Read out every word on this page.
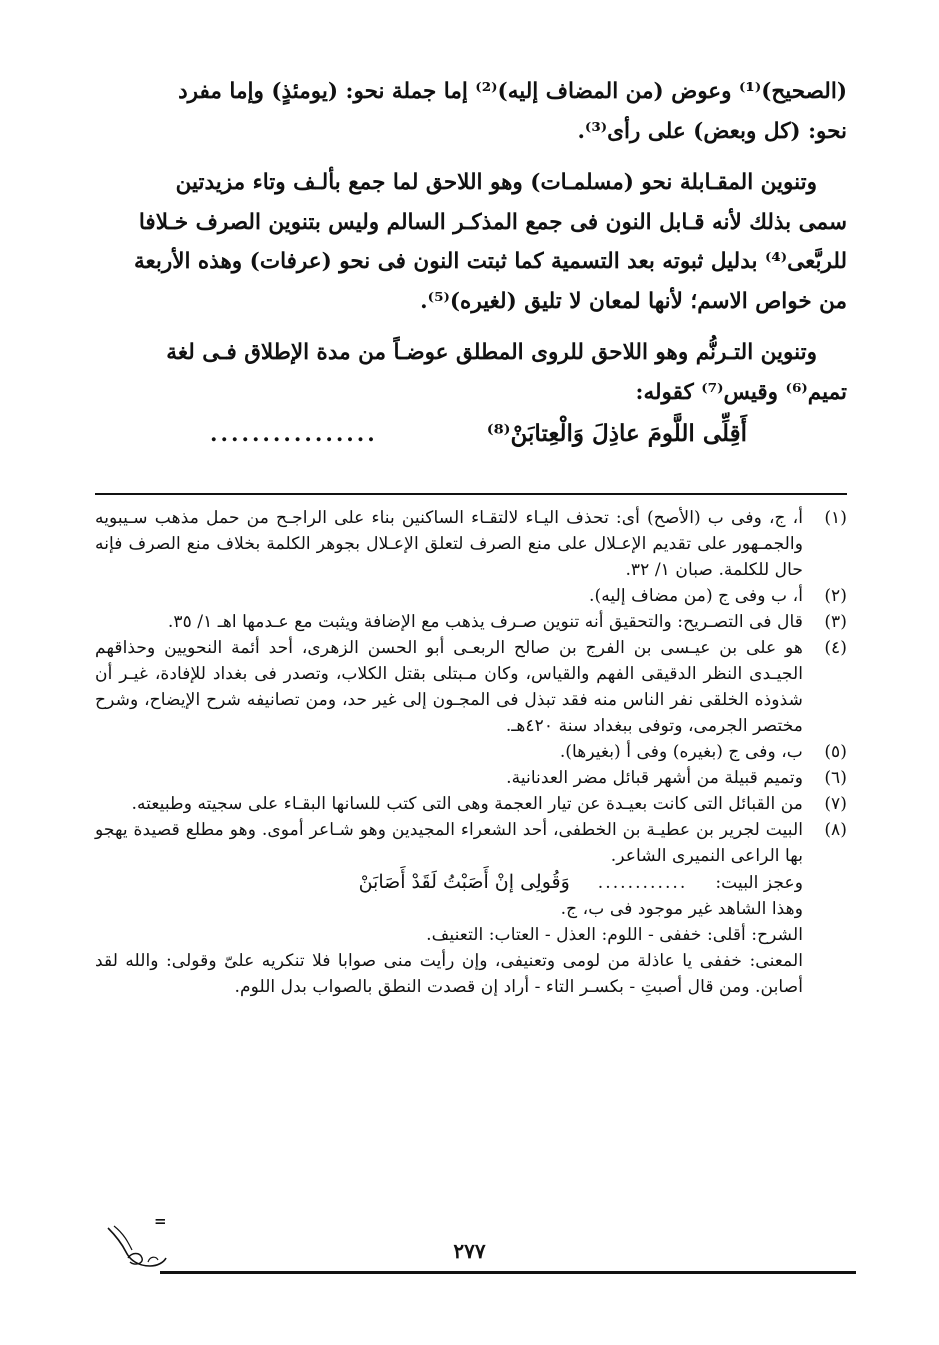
(الصحيح)⁽¹⁾ وعوض (من المضاف إليه)⁽²⁾ إما جملة نحو: (يومئذٍ) وإما مفرد

نحو: (كل وبعض) على رأى⁽³⁾.

وتنوين المقـابلة نحو (مسلمـات) وهو اللاحق لما جمع بألـف وتاء مزيدتين

سمى بذلك لأنه قـابل النون فى جمع المذكـر السالم وليس بتنوين الصرف خـلافا

للربَّعى⁽⁴⁾ بدليل ثبوته بعد التسمية كما ثبتت النون فى نحو (عرفات) وهذه الأربعة

من خواص الاسم؛ لأنها لمعان لا تليق (لغيره)⁽⁵⁾.

وتنوين التـرنُّم وهو اللاحق للروى المطلق عوضـاً من مدة الإطلاق فـى لغة

تميم⁽⁶⁾ وقيس⁽⁷⁾ كقوله:

أَقِلِّى اللَّومَ عاذِلَ وَالْعِتابَنْ⁽⁸⁾
................
(١)
أ، ج، وفى ب (الأصح) أى: تحذف اليـاء لالتقـاء الساكنين بناء على الراجـح من حمل مذهب سـيبويه والجمـهور على تقديم الإعـلال على منع الصرف لتعلق الإعـلال بجوهر الكلمة بخلاف منع الصرف فإنه حال للكلمة. صبان ١/ ٣٢.
(٢)
أ، ب وفى ج (من مضاف إليه).
(٣)
قال فى التصـريح: والتحقيق أنه تنوين صـرف يذهب مع الإضافة ويثبت مع عـدمها اهـ ١/ ٣٥.
(٤)
هو على بن عيـسى بن الفرج بن صالح الربعـى أبو الحسن الزهرى، أحد أئمة النحويين وحذاقهم الجيـدى النظر الدقيقى الفهم والقياس، وكان مـبتلى بقتل الكلاب، وتصدر فى بغداد للإفادة، غيـر أن شذوذه الخلقى نفر الناس منه فقد تبذل فى المجـون إلى غير حد، ومن تصانيفه شرح الإيضاح، وشرح مختصر الجرمى، وتوفى ببغداد سنة ٤٢٠هـ.
(٥)
ب، وفى ج (بغيره) وفى أ (بغيرها).
(٦)
وتميم قبيلة من أشهر قبائل مضر العدنانية.
(٧)
من القبائل التى كانت بعيـدة عن تيار العجمة وهى التى كتب للسانها البقـاء على سجيته وطبيعته.
(٨)
البيت لجرير بن عطيـة بن الخطفى، أحد الشعراء المجيدين وهو شـاعر أموى. وهو مطلع قصيدة يهجو بها الراعى النميرى الشاعر.
وعجز البيت:
............
وَقُولِى إنْ أَصَبْتُ لَقَدْ أَصَابَنْ
وهذا الشاهد غير موجود فى ب، ج.
الشرح: أقلى: خففى - اللوم: العذل - العتاب: التعنيف.
المعنى: خففى يا عاذلة من لومى وتعنيفى، وإن رأيت منى صوابا فلا تنكريه علىّ وقولى: والله لقد أصابن. ومن قال أصبتِ - بكسـر التاء - أراد إن قصدت النطق بالصواب بدل اللوم.
=
٢٧٧
